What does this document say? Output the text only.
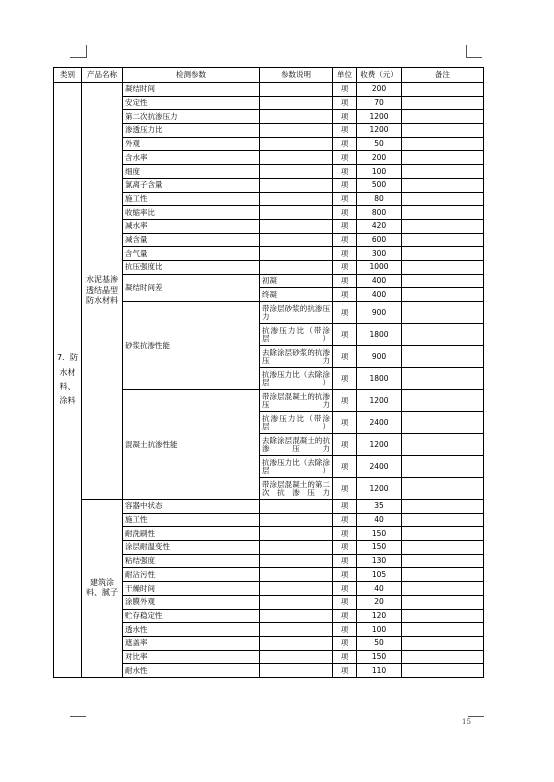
类别	产品名称	检测参数	参数说明	单位	收费（元）	备注
7．防水材料、涂料	水泥基渗透结晶型防水材料	凝结时间		项	200	
		安定性		项	70	
		第二次抗渗压力		项	1200	
		渗透压力比		项	1200	
		外观		项	50	
		含水率		项	200	
		细度		项	100	
		氯离子含量		项	500	
		施工性		项	80	
		收缩率比		项	800	
		减水率		项	420	
		减含量		项	600	
		含气量		项	300	
		抗压强度比		项	1000	
		凝结时间差	初凝	项	400	
			终凝	项	400	
		砂浆抗渗性能	带涂层砂浆的抗渗压力	项	900	
			抗渗压力比（带涂层）	项	1800	
			去除涂层砂浆的抗渗压力	项	900	
			抗渗压力比（去除涂层）	项	1800	
		混凝土抗渗性能	带涂层混凝土的抗渗压力	项	1200	
			抗渗压力比（带涂层）	项	2400	
			去除涂层混凝土的抗渗压力	项	1200	
			抗渗压力比（去除涂层）	项	2400	
			带涂层混凝土的第二次抗渗压力	项	1200	
	建筑涂料、腻子	容器中状态		项	35	
		施工性		项	40	
		耐洗刷性		项	150	
		涂层耐温变性		项	150	
		粘结强度		项	130	
		耐沾污性		项	105	
		干燥时间		项	40	
		涂膜外观		项	20	
		贮存稳定性		项	120	
		透水性		项	100	
		遮盖率		项	50	
		对比率		项	150	
		耐水性		项	110	
15
